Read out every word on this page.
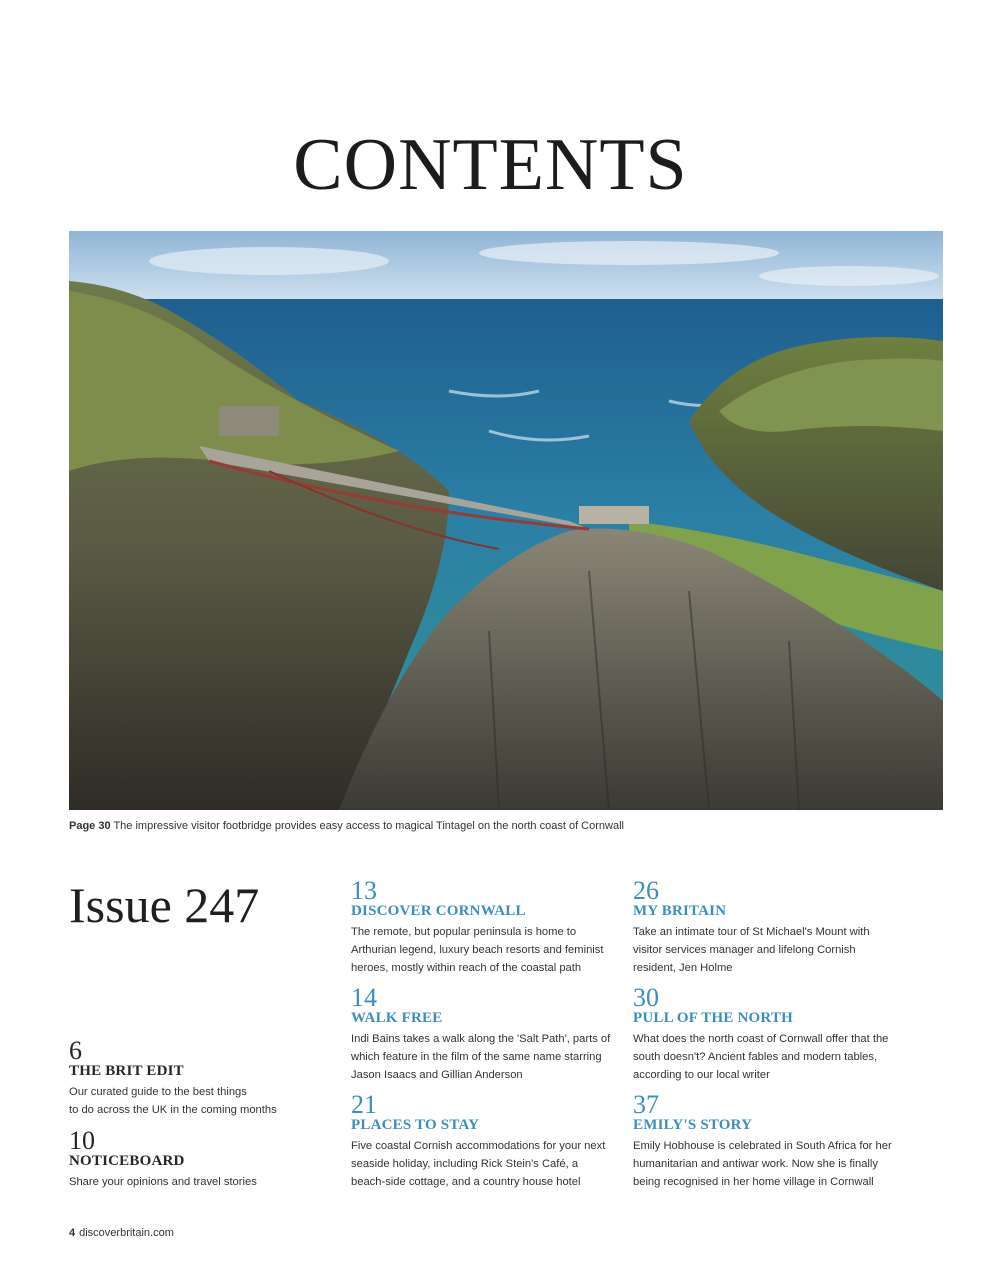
CONTENTS
Page 30 The impressive visitor footbridge provides easy access to magical Tintagel on the north coast of Cornwall
Issue 247
6
THE BRIT EDIT
Our curated guide to the best things
to do across the UK in the coming months
10
NOTICEBOARD
Share your opinions and travel stories
13
DISCOVER CORNWALL
The remote, but popular peninsula is home to Arthurian legend, luxury beach resorts and feminist heroes, mostly within reach of the coastal path
14
WALK FREE
Indi Bains takes a walk along the 'Salt Path', parts of which feature in the film of the same name starring Jason Isaacs and Gillian Anderson
21
PLACES TO STAY
Five coastal Cornish accommodations for your next seaside holiday, including Rick Stein's Café, a beach-side cottage, and a country house hotel
26
MY BRITAIN
Take an intimate tour of St Michael's Mount with visitor services manager and lifelong Cornish resident, Jen Holme
30
PULL OF THE NORTH
What does the north coast of Cornwall offer that the south doesn't? Ancient fables and modern tables, according to our local writer
37
EMILY'S STORY
Emily Hobhouse is celebrated in South Africa for her humanitarian and antiwar work. Now she is finally being recognised in her home village in Cornwall
4 discoverbritain.com
